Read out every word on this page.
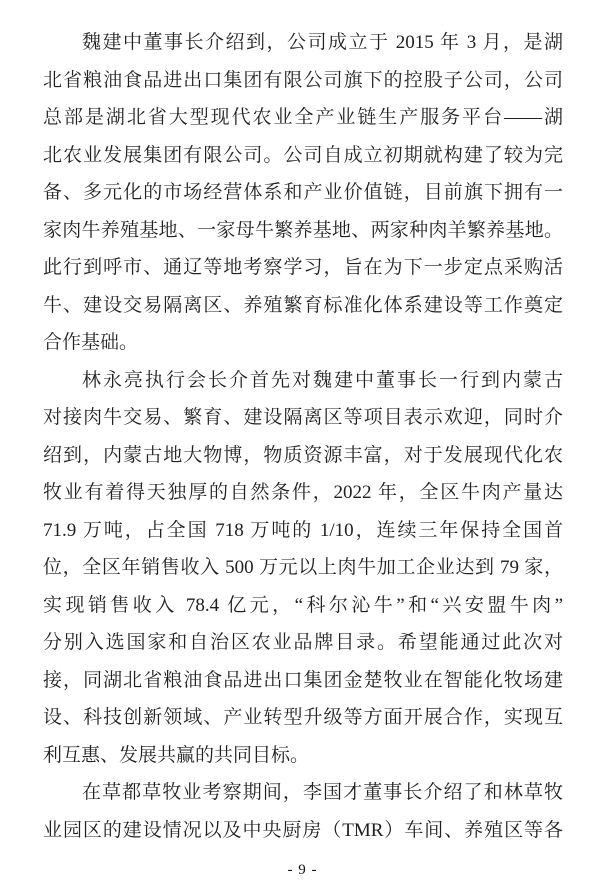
魏建中董事长介绍到，公司成立于 2015 年 3 月，是湖

北省粮油食品进出口集团有限公司旗下的控股子公司，公司

总部是湖北省大型现代农业全产业链生产服务平台——湖

北农业发展集团有限公司。公司自成立初期就构建了较为完

备、多元化的市场经营体系和产业价值链，目前旗下拥有一

家肉牛养殖基地、一家母牛繁养基地、两家种肉羊繁养基地。

此行到呼市、通辽等地考察学习，旨在为下一步定点采购活

牛、建设交易隔离区、养殖繁育标准化体系建设等工作奠定

合作基础。

林永亮执行会长介首先对魏建中董事长一行到内蒙古

对接肉牛交易、繁育、建设隔离区等项目表示欢迎，同时介

绍到，内蒙古地大物博，物质资源丰富，对于发展现代化农

牧业有着得天独厚的自然条件，2022 年，全区牛肉产量达

71.9 万吨，占全国 718 万吨的 1/10，连续三年保持全国首

位，全区年销售收入 500 万元以上肉牛加工企业达到 79 家，

实现销售收入 78.4 亿元，“科尔沁牛”和“兴安盟牛肉”

分别入选国家和自治区农业品牌目录。希望能通过此次对

接，同湖北省粮油食品进出口集团金楚牧业在智能化牧场建

设、科技创新领域、产业转型升级等方面开展合作，实现互

利互惠、发展共赢的共同目标。

在草都草牧业考察期间，李国才董事长介绍了和林草牧

业园区的建设情况以及中央厨房（TMR）车间、养殖区等各

- 9 -
